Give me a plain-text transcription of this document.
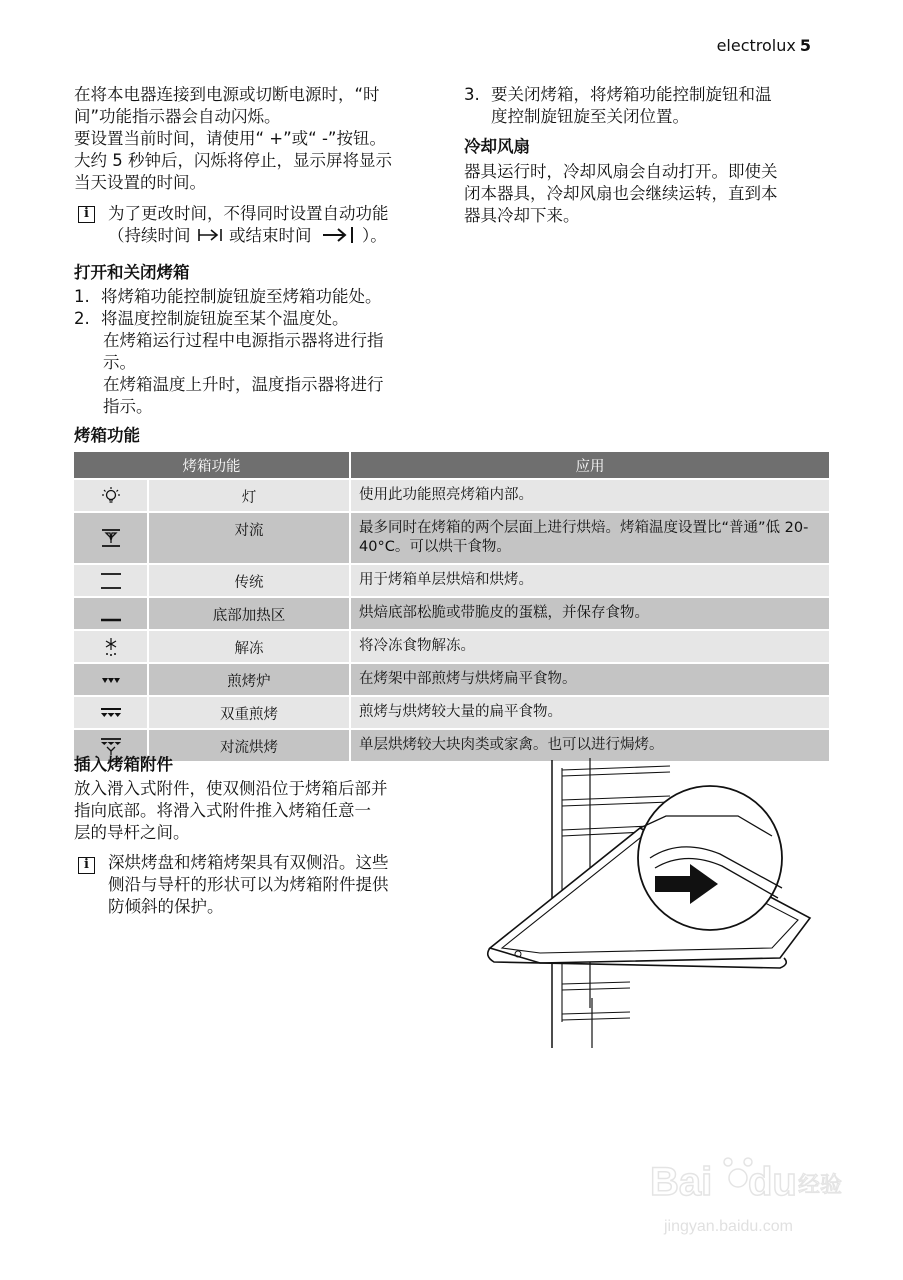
electrolux 5
在将本电器连接到电源或切断电源时，“时
间”功能指示器会自动闪烁。
要设置当前时间，请使用“ +”或“ -”按钮。
大约 5 秒钟后，闪烁将停止，显示屏将显示
当天设置的时间。
i	为了更改时间，不得同时设置自动功能
（持续时间 或结束时间	）。
打开和关闭烤箱
1. 将烤箱功能控制旋钮旋至烤箱功能处。
2. 将温度控制旋钮旋至某个温度处。
在烤箱运行过程中电源指示器将进行指
示。
在烤箱温度上升时，温度指示器将进行
指示。
3. 要关闭烤箱，将烤箱功能控制旋钮和温
度控制旋钮旋至关闭位置。
冷却风扇
器具运行时，冷却风扇会自动打开。即使关
闭本器具，冷却风扇也会继续运转，直到本
器具冷却下来。
烤箱功能
烤箱功能		应用

	灯	使用此功能照亮烤箱内部。

	对流	最多同时在烤箱的两个层面上进行烘焙。烤箱温度设置比“普通”低 20-40°C。可以烘干食物。

	传统	用于烤箱单层烘焙和烘烤。

	底部加热区	烘焙底部松脆或带脆皮的蛋糕，并保存食物。

	解冻	将冷冻食物解冻。

	煎烤炉	在烤架中部煎烤与烘烤扁平食物。

	双重煎烤	煎烤与烘烤较大量的扁平食物。

	对流烘烤	单层烘烤较大块肉类或家禽。也可以进行焗烤。
插入烤箱附件
放入滑入式附件，使双侧沿位于烤箱后部并
指向底部。将滑入式附件推入烤箱任意一
层的导杆之间。
i	深烘烤盘和烤箱烤架具有双侧沿。这些
侧沿与导杆的形状可以为烤箱附件提供
防倾斜的保护。
Bai du 经验
jingyan.baidu.com
